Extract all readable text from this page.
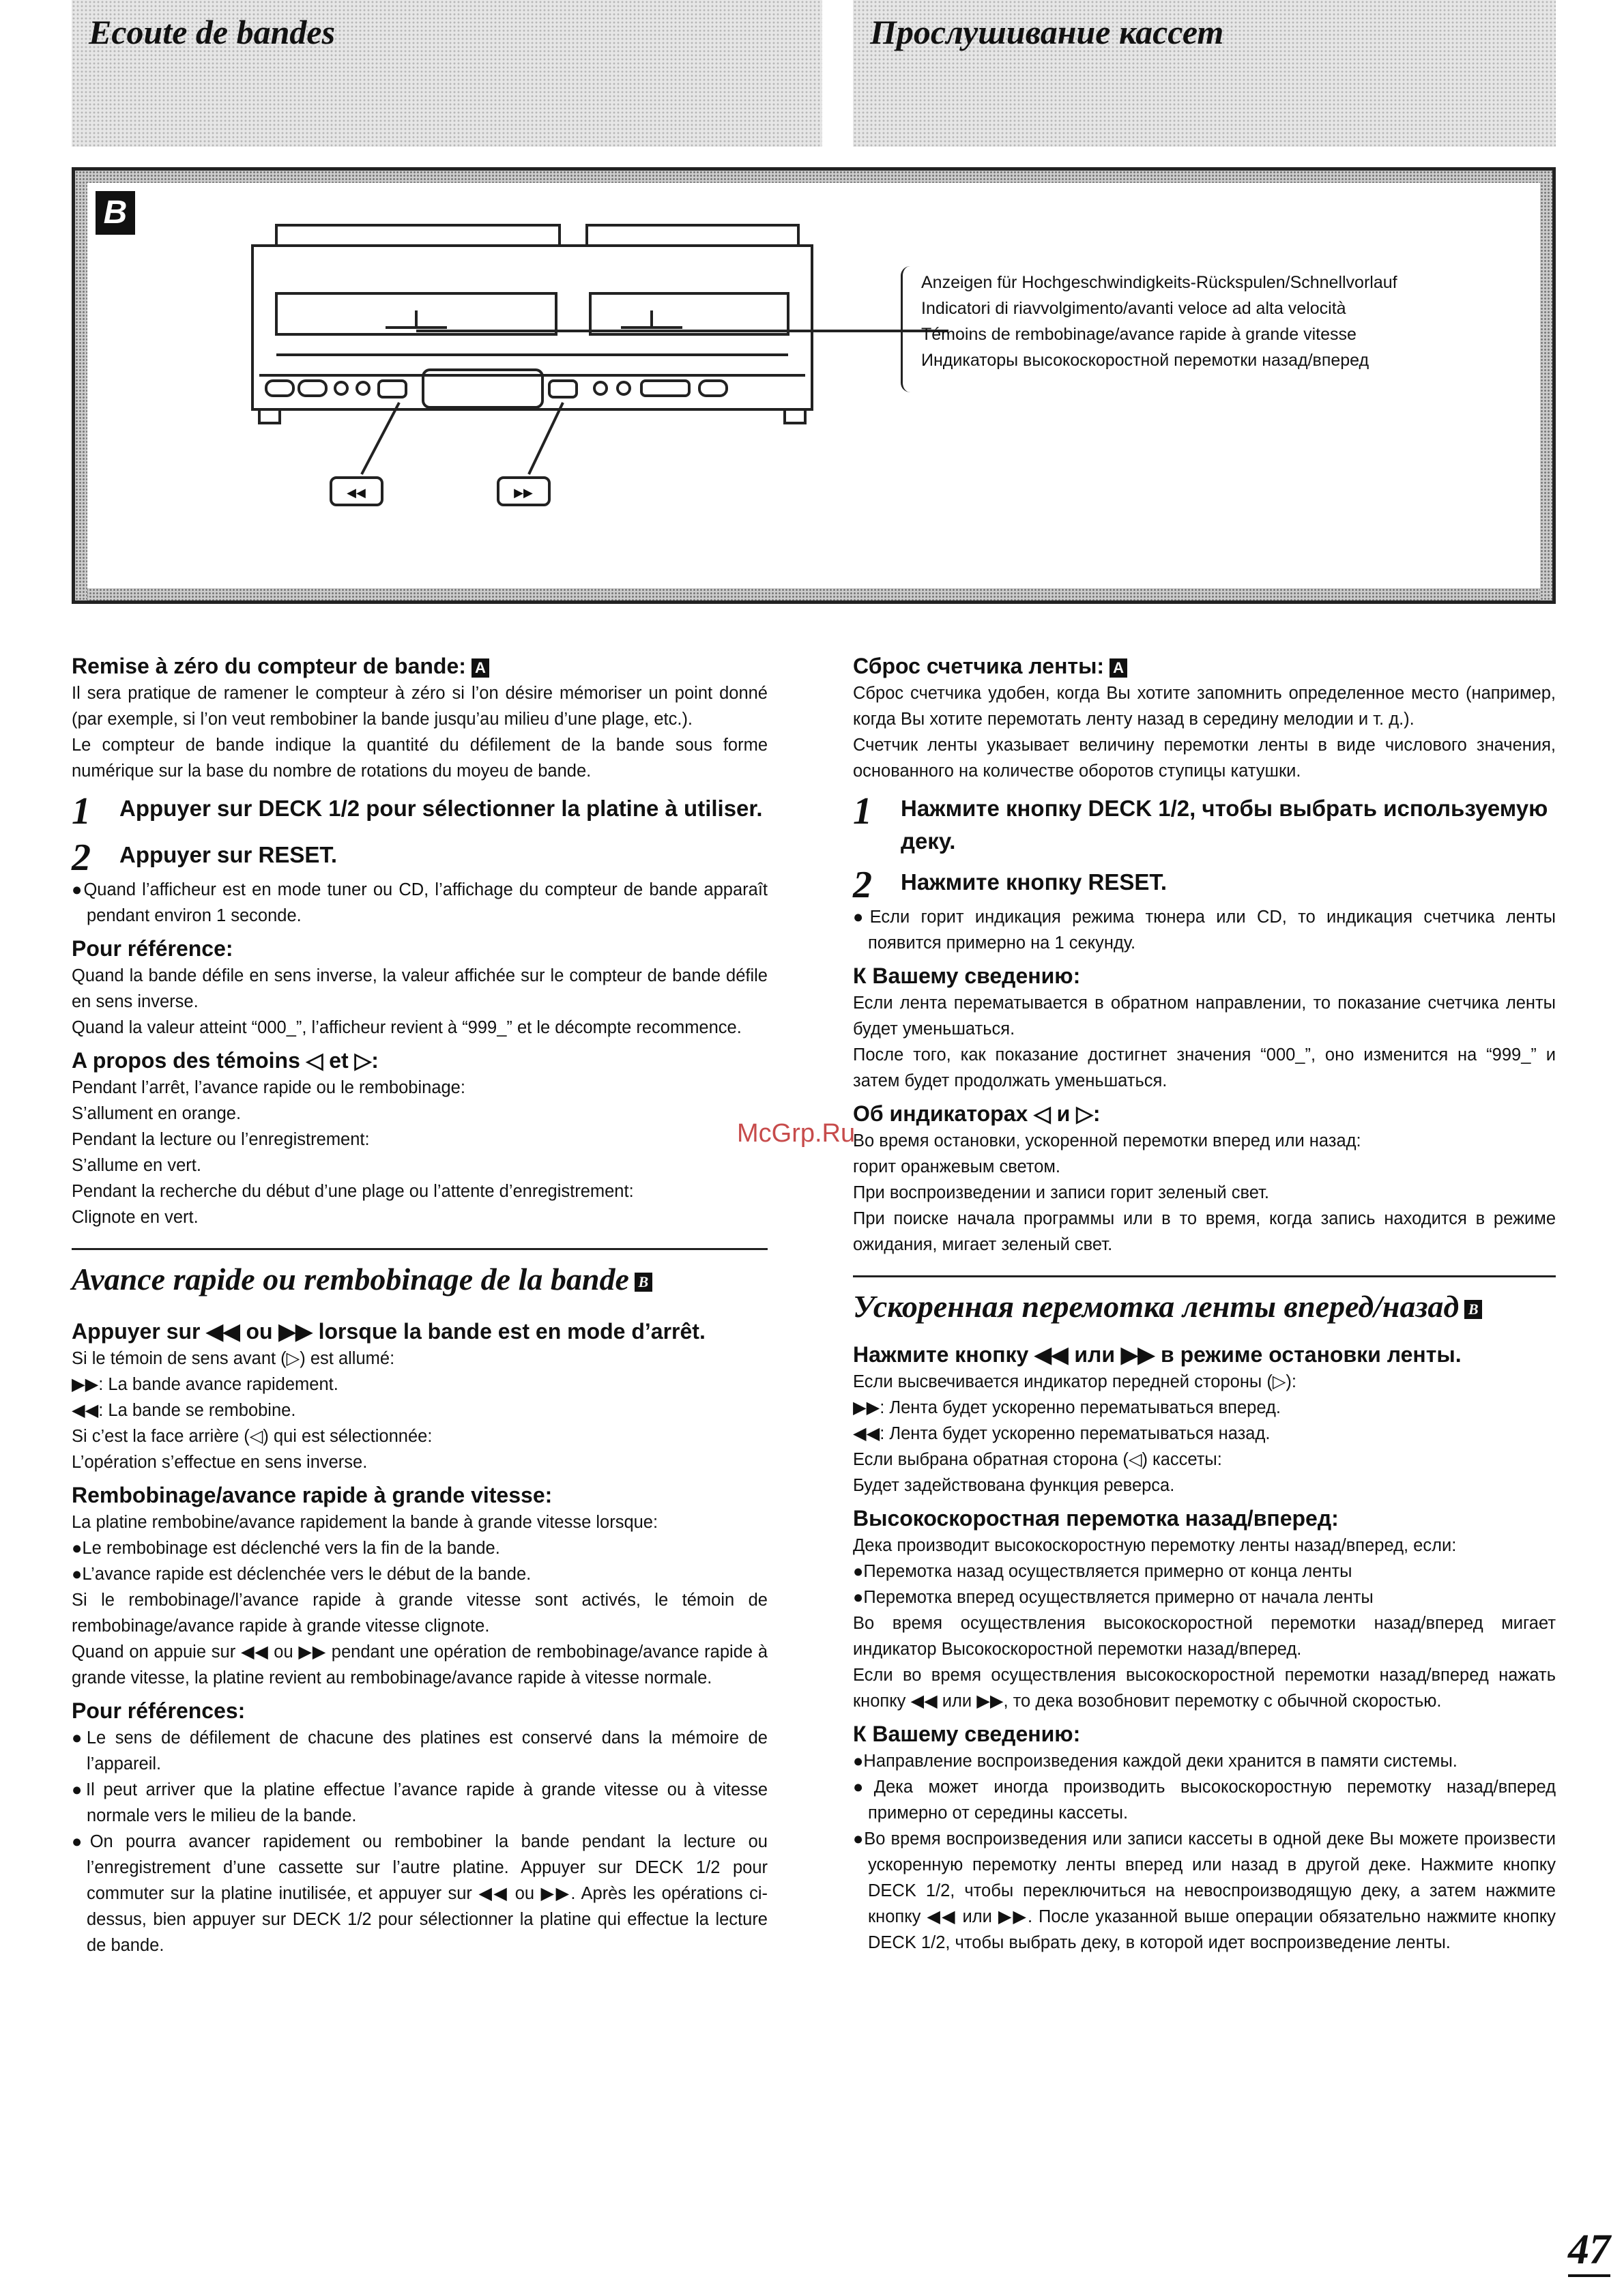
Ecoute de bandes	Прослушивание кассет
B
◀◀	▶▶
Anzeigen für Hochgeschwindigkeits-Rückspulen/Schnellvorlauf
Indicatori di riavvolgimento/avanti veloce ad alta velocità
Témoins de rembobinage/avance rapide à grande vitesse
Индикаторы высокоскоростной перемотки назад/вперед
Remise à zéro du compteur de bande: A

Il sera pratique de ramener le compteur à zéro si l’on désire mémoriser un point donné (par exemple, si l’on veut rembobiner la bande jusqu’au milieu d’une plage, etc.).

Le compteur de bande indique la quantité du défilement de la bande sous forme numérique sur la base du nombre de rotations du moyeu de bande.

1	Appuyer sur DECK 1/2 pour sélectionner la platine à utiliser.
2	Appuyer sur RESET.

●Quand l’afficheur est en mode tuner ou CD, l’affichage du compteur de bande apparaît pendant environ 1 seconde.

Pour référence:

Quand la bande défile en sens inverse, la valeur affichée sur le compteur de bande défile en sens inverse.

Quand la valeur atteint “000_”, l’afficheur revient à “999_” et le décompte recommence.

A propos des témoins ◁ et ▷:

Pendant l’arrêt, l’avance rapide ou le rembobinage:

S’allument en orange.

Pendant la lecture ou l’enregistrement:

S’allume en vert.

Pendant la recherche du début d’une plage ou l’attente d’enregistrement:

Clignote en vert.

Avance rapide ou rembobinage de la bande B
Appuyer sur ◀◀ ou ▶▶ lorsque la bande est en mode d’arrêt.

Si le témoin de sens avant (▷) est allumé:

▶▶: La bande avance rapidement.

◀◀: La bande se rembobine.

Si c’est la face arrière (◁) qui est sélectionnée:

L’opération s’effectue en sens inverse.

Rembobinage/avance rapide à grande vitesse:

La platine rembobine/avance rapidement la bande à grande vitesse lorsque:

●Le rembobinage est déclenché vers la fin de la bande.

●L’avance rapide est déclenchée vers le début de la bande.

Si le rembobinage/l’avance rapide à grande vitesse sont activés, le témoin de rembobinage/avance rapide à grande vitesse clignote.

Quand on appuie sur ◀◀ ou ▶▶ pendant une opération de rembobinage/avance rapide à grande vitesse, la platine revient au rembobinage/avance rapide à vitesse normale.

Pour références:

●Le sens de défilement de chacune des platines est conservé dans la mémoire de l’appareil.

●Il peut arriver que la platine effectue l’avance rapide à grande vitesse ou à vitesse normale vers le milieu de la bande.

●On pourra avancer rapidement ou rembobiner la bande pendant la lecture ou l’enregistrement d’une cassette sur l’autre platine. Appuyer sur DECK 1/2 pour commuter sur la platine inutilisée, et appuyer sur ◀◀ ou ▶▶. Après les opérations ci-dessus, bien appuyer sur DECK 1/2 pour sélectionner la platine qui effectue la lecture de bande.

Сброс счетчика ленты: A

Сброс счетчика удобен, когда Вы хотите запомнить определенное место (например, когда Вы хотите перемотать ленту назад в середину мелодии и т. д.).

Счетчик ленты указывает величину перемотки ленты в виде числового значения, основанного на количестве оборотов ступицы катушки.

1	Нажмите кнопку DECK 1/2, чтобы выбрать используемую деку.
2	Нажмите кнопку RESET.

●Если горит индикация режима тюнера или CD, то индикация счетчика ленты появится примерно на 1 секунду.

К Вашему сведению:

Если лента перематывается в обратном направлении, то показание счетчика ленты будет уменьшаться.

После того, как показание достигнет значения “000_”, оно изменится на “999_” и затем будет продолжать уменьшаться.

Об индикаторах ◁ и ▷:

Во время остановки, ускоренной перемотки вперед или назад:

горит оранжевым светом.

При воспроизведении и записи горит зеленый свет.

При поиске начала программы или в то время, когда запись находится в режиме ожидания, мигает зеленый свет.

Ускоренная перемотка ленты вперед/назад B
Нажмите кнопку ◀◀ или ▶▶ в режиме остановки ленты.

Если высвечивается индикатор передней стороны (▷):

▶▶: Лента будет ускоренно перематываться вперед.

◀◀: Лента будет ускоренно перематываться назад.

Если выбрана обратная сторона (◁) кассеты:

Будет задействована функция реверса.

Высокоскоростная перемотка назад/вперед:

Дека производит высокоскоростную перемотку ленты назад/вперед, если:

●Перемотка назад осуществляется примерно от конца ленты

●Перемотка вперед осуществляется примерно от начала ленты

Во время осуществления высокоскоростной перемотки назад/вперед мигает индикатор Высокоскоростной перемотки назад/вперед.

Если во время осуществления высокоскоростной перемотки назад/вперед нажать кнопку ◀◀ или ▶▶, то дека возобновит перемотку с обычной скоростью.

К Вашему сведению:

●Направление воспроизведения каждой деки хранится в памяти системы.

●Дека может иногда производить высокоскоростную перемотку назад/вперед примерно от середины кассеты.

●Во время воспроизведения или записи кассеты в одной деке Вы можете произвести ускоренную перемотку ленты вперед или назад в другой деке. Нажмите кнопку DECK 1/2, чтобы переключиться на невоспроизводящую деку, а затем нажмите кнопку ◀◀ или ▶▶. После указанной выше операции обязательно нажмите кнопку DECK 1/2, чтобы выбрать деку, в которой идет воспроизведение ленты.

McGrp.Ru
47
